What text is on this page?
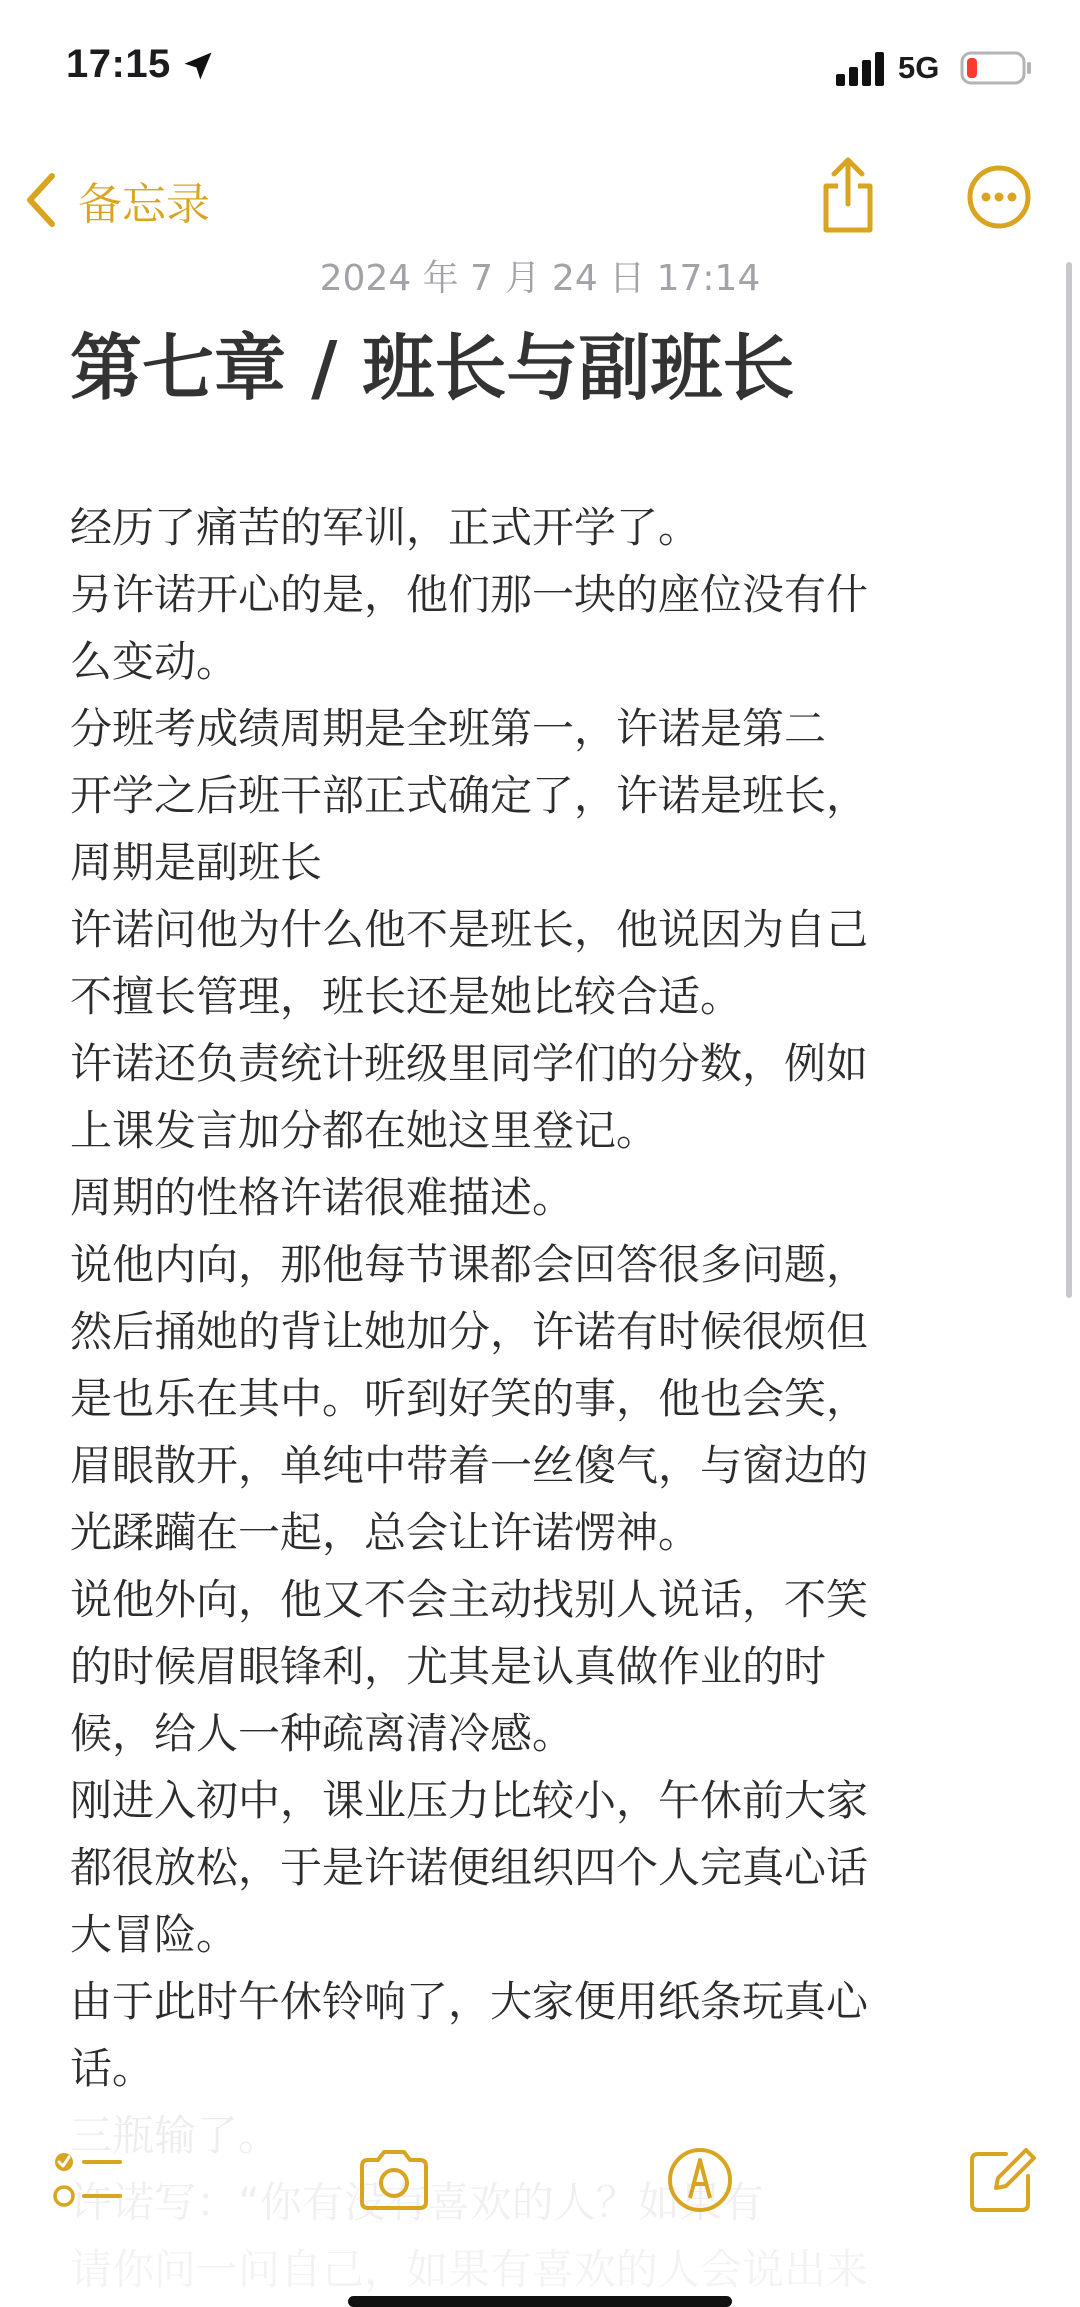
17:15	5G
备忘录
2024 年 7 月 24 日 17:14
第七章 / 班长与副班长
经历了痛苦的军训，正式开学了。
另许诺开心的是，他们那一块的座位没有什
么变动。
分班考成绩周期是全班第一，许诺是第二
开学之后班干部正式确定了，许诺是班长，
周期是副班长
许诺问他为什么他不是班长，他说因为自己
不擅长管理，班长还是她比较合适。
许诺还负责统计班级里同学们的分数，例如
上课发言加分都在她这里登记。
周期的性格许诺很难描述。
说他内向，那他每节课都会回答很多问题，
然后捅她的背让她加分，许诺有时候很烦但
是也乐在其中。听到好笑的事，他也会笑，
眉眼散开，单纯中带着一丝傻气，与窗边的
光蹂躏在一起，总会让许诺愣神。
说他外向，他又不会主动找别人说话，不笑
的时候眉眼锋利，尤其是认真做作业的时
候，给人一种疏离清冷感。
刚进入初中，课业压力比较小，午休前大家
都很放松，于是许诺便组织四个人完真心话
大冒险。
由于此时午休铃响了，大家便用纸条玩真心
话。
